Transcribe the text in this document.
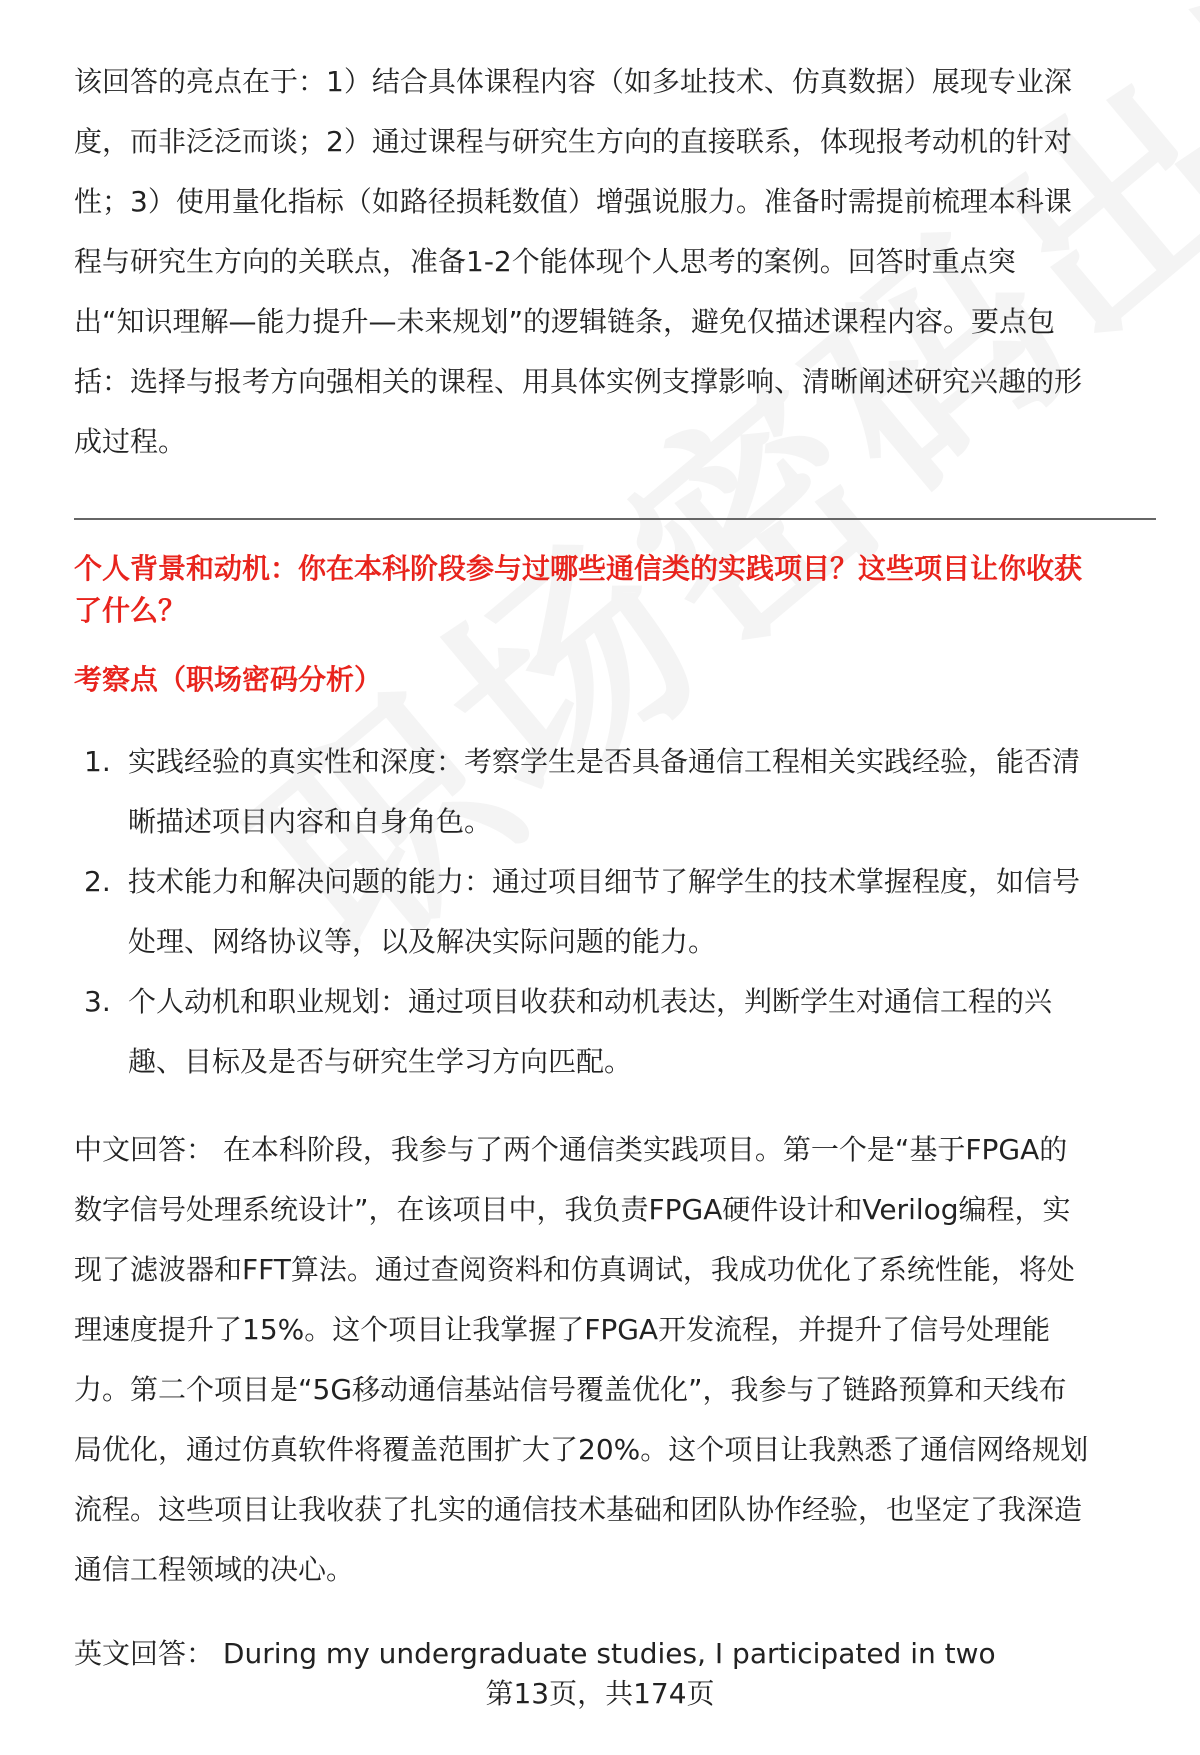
该回答的亮点在于：1）结合具体课程内容（如多址技术、仿真数据）展现专业深
度，而非泛泛而谈；2）通过课程与研究生方向的直接联系，体现报考动机的针对
性；3）使用量化指标（如路径损耗数值）增强说服力。准备时需提前梳理本科课
程与研究生方向的关联点，准备1-2个能体现个人思考的案例。回答时重点突
出“知识理解—能力提升—未来规划”的逻辑链条，避免仅描述课程内容。要点包
括：选择与报考方向强相关的课程、用具体实例支撑影响、清晰阐述研究兴趣的形
成过程。

个人背景和动机：你在本科阶段参与过哪些通信类的实践项目？这些项目让你收获
了什么？
考察点（职场密码分析）
1. 实践经验的真实性和深度：考察学生是否具备通信工程相关实践经验，能否清
晰描述项目内容和自身角色。
2. 技术能力和解决问题的能力：通过项目细节了解学生的技术掌握程度，如信号
处理、网络协议等，以及解决实际问题的能力。
3. 个人动机和职业规划：通过项目收获和动机表达，判断学生对通信工程的兴
趣、目标及是否与研究生学习方向匹配。

中文回答： 在本科阶段，我参与了两个通信类实践项目。第一个是“基于FPGA的
数字信号处理系统设计”，在该项目中，我负责FPGA硬件设计和Verilog编程，实
现了滤波器和FFT算法。通过查阅资料和仿真调试，我成功优化了系统性能，将处
理速度提升了15%。这个项目让我掌握了FPGA开发流程，并提升了信号处理能
力。第二个项目是“5G移动通信基站信号覆盖优化”，我参与了链路预算和天线布
局优化，通过仿真软件将覆盖范围扩大了20%。这个项目让我熟悉了通信网络规划
流程。这些项目让我收获了扎实的通信技术基础和团队协作经验，也坚定了我深造
通信工程领域的决心。

英文回答： During my undergraduate studies, I participated in two

第13页，共174页
